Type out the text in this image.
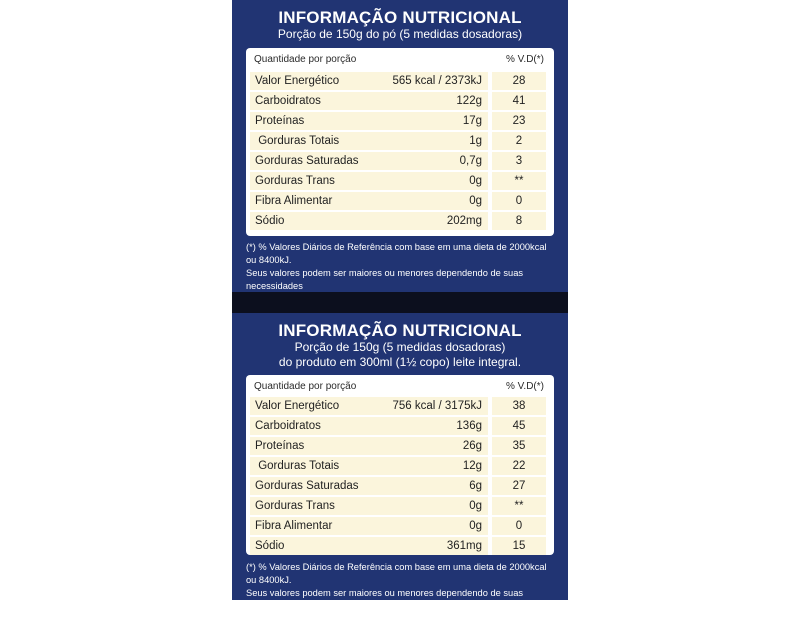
INFORMAÇÃO NUTRICIONAL
Porção de 150g do pó (5 medidas dosadoras)
Quantidade por porção	% V.D(*)
Valor Energético	565 kcal / 2373kJ	28
Carboidratos	122g	41
Proteínas	17g	23
Gorduras Totais	1g	2
Gorduras Saturadas	0,7g	3
Gorduras Trans	0g	**
Fibra Alimentar	0g	0
Sódio	202mg	8
(*) % Valores Diários de Referência com base em uma dieta de 2000kcal ou 8400kJ.
Seus valores podem ser maiores ou menores dependendo de suas necessidades
INFORMAÇÃO NUTRICIONAL
Porção de 150g (5 medidas dosadoras)
do produto em 300ml (1½ copo) leite integral.
Quantidade por porção	% V.D(*)
Valor Energético	756 kcal / 3175kJ	38
Carboidratos	136g	45
Proteínas	26g	35
Gorduras Totais	12g	22
Gorduras Saturadas	6g	27
Gorduras Trans	0g	**
Fibra Alimentar	0g	0
Sódio	361mg	15
(*) % Valores Diários de Referência com base em uma dieta de 2000kcal ou 8400kJ.
Seus valores podem ser maiores ou menores dependendo de suas necessidades
energéticas. (**) Valores diários não estabelecidos.
